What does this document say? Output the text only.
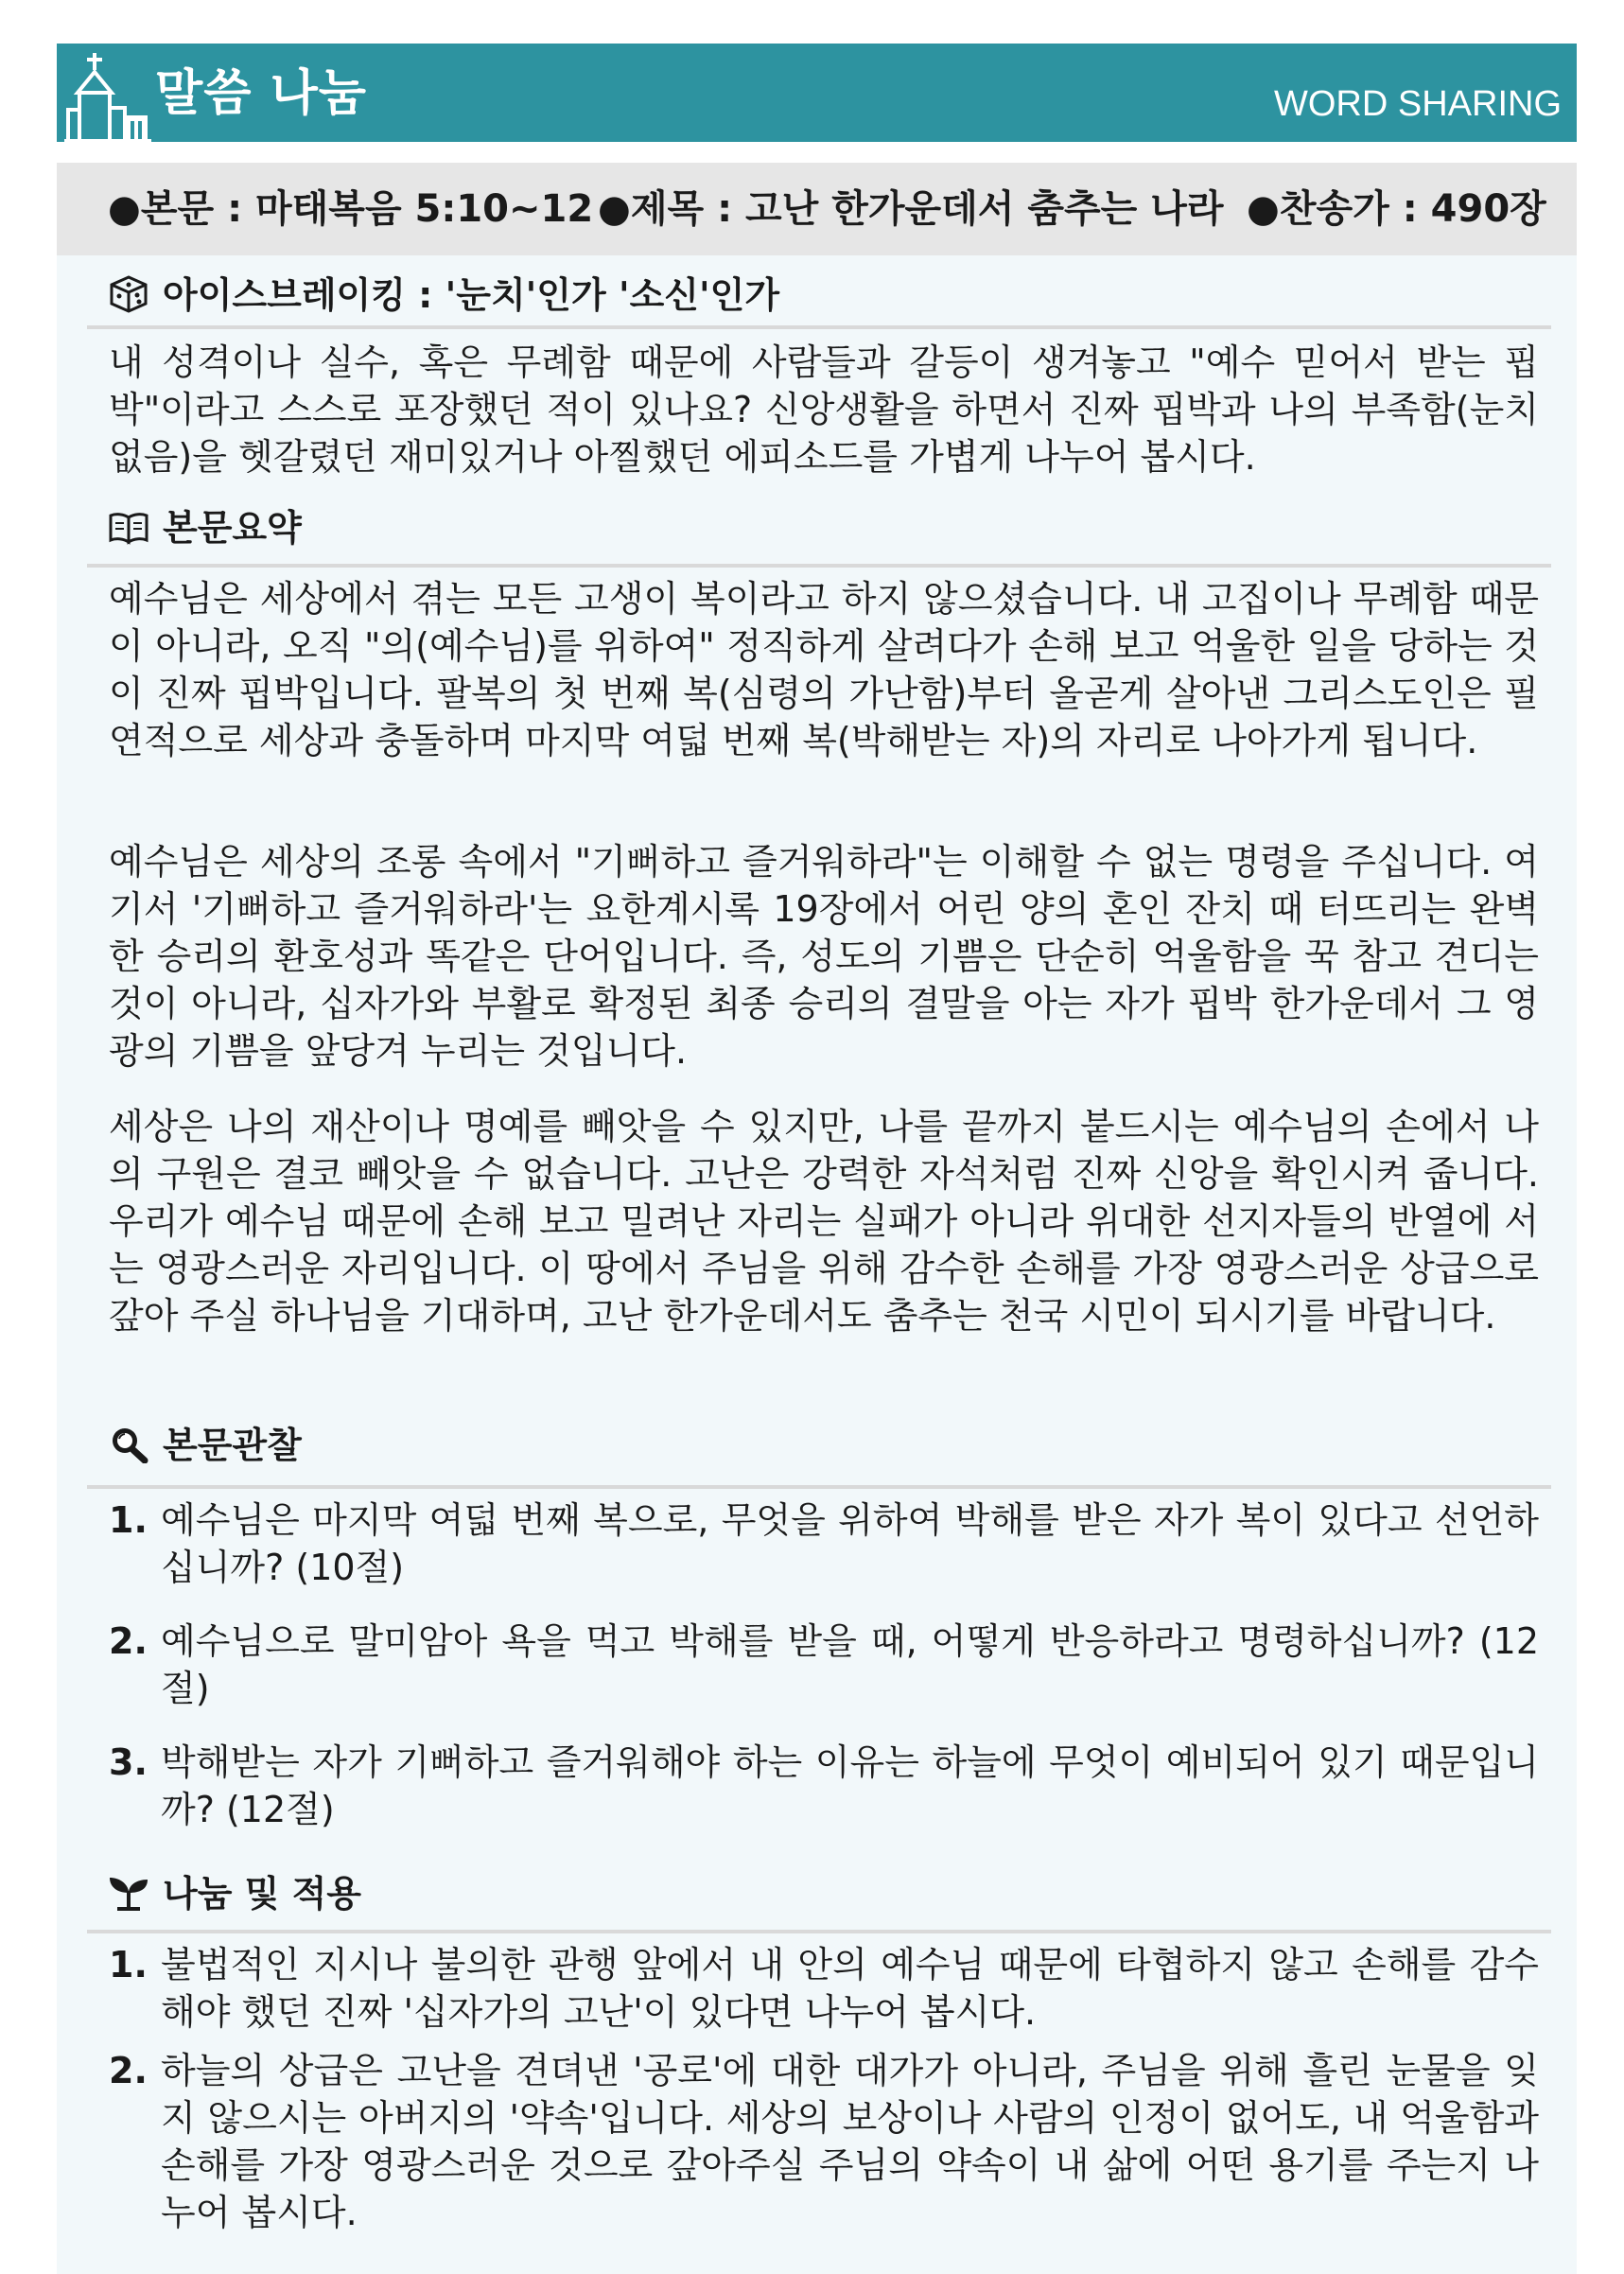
말씀 나눔	WORD SHARING
●본문 : 마태복음 5:10~12 ●제목 : 고난 한가운데서 춤추는 나라 ●찬송가 : 490장
아이스브레이킹 : '눈치'인가 '소신'인가

내 성격이나 실수, 혹은 무례함 때문에 사람들과 갈등이 생겨놓고 "예수 믿어서 받는 핍박"이라고 스스로 포장했던 적이 있나요? 신앙생활을 하면서 진짜 핍박과 나의 부족함(눈치 없음)을 헷갈렸던 재미있거나 아찔했던 에피소드를 가볍게 나누어 봅시다.

본문요약

예수님은 세상에서 겪는 모든 고생이 복이라고 하지 않으셨습니다. 내 고집이나 무례함 때문이 아니라, 오직 "의(예수님)를 위하여" 정직하게 살려다가 손해 보고 억울한 일을 당하는 것이 진짜 핍박입니다. 팔복의 첫 번째 복(심령의 가난함)부터 올곧게 살아낸 그리스도인은 필연적으로 세상과 충돌하며 마지막 여덟 번째 복(박해받는 자)의 자리로 나아가게 됩니다.

예수님은 세상의 조롱 속에서 "기뻐하고 즐거워하라"는 이해할 수 없는 명령을 주십니다. 여기서 '기뻐하고 즐거워하라'는 요한계시록 19장에서 어린 양의 혼인 잔치 때 터뜨리는 완벽한 승리의 환호성과 똑같은 단어입니다. 즉, 성도의 기쁨은 단순히 억울함을 꾹 참고 견디는 것이 아니라, 십자가와 부활로 확정된 최종 승리의 결말을 아는 자가 핍박 한가운데서 그 영광의 기쁨을 앞당겨 누리는 것입니다.

세상은 나의 재산이나 명예를 빼앗을 수 있지만, 나를 끝까지 붙드시는 예수님의 손에서 나의 구원은 결코 빼앗을 수 없습니다. 고난은 강력한 자석처럼 진짜 신앙을 확인시켜 줍니다. 우리가 예수님 때문에 손해 보고 밀려난 자리는 실패가 아니라 위대한 선지자들의 반열에 서는 영광스러운 자리입니다. 이 땅에서 주님을 위해 감수한 손해를 가장 영광스러운 상급으로 갚아 주실 하나님을 기대하며, 고난 한가운데서도 춤추는 천국 시민이 되시기를 바랍니다.

본문관찰
1. 예수님은 마지막 여덟 번째 복으로, 무엇을 위하여 박해를 받은 자가 복이 있다고 선언하십니까? (10절)
2. 예수님으로 말미암아 욕을 먹고 박해를 받을 때, 어떻게 반응하라고 명령하십니까? (12절)
3. 박해받는 자가 기뻐하고 즐거워해야 하는 이유는 하늘에 무엇이 예비되어 있기 때문입니까? (12절)
나눔 및 적용
1. 불법적인 지시나 불의한 관행 앞에서 내 안의 예수님 때문에 타협하지 않고 손해를 감수해야 했던 진짜 '십자가의 고난'이 있다면 나누어 봅시다.
2. 하늘의 상급은 고난을 견뎌낸 '공로'에 대한 대가가 아니라, 주님을 위해 흘린 눈물을 잊지 않으시는 아버지의 '약속'입니다. 세상의 보상이나 사람의 인정이 없어도, 내 억울함과 손해를 가장 영광스러운 것으로 갚아주실 주님의 약속이 내 삶에 어떤 용기를 주는지 나누어 봅시다.
